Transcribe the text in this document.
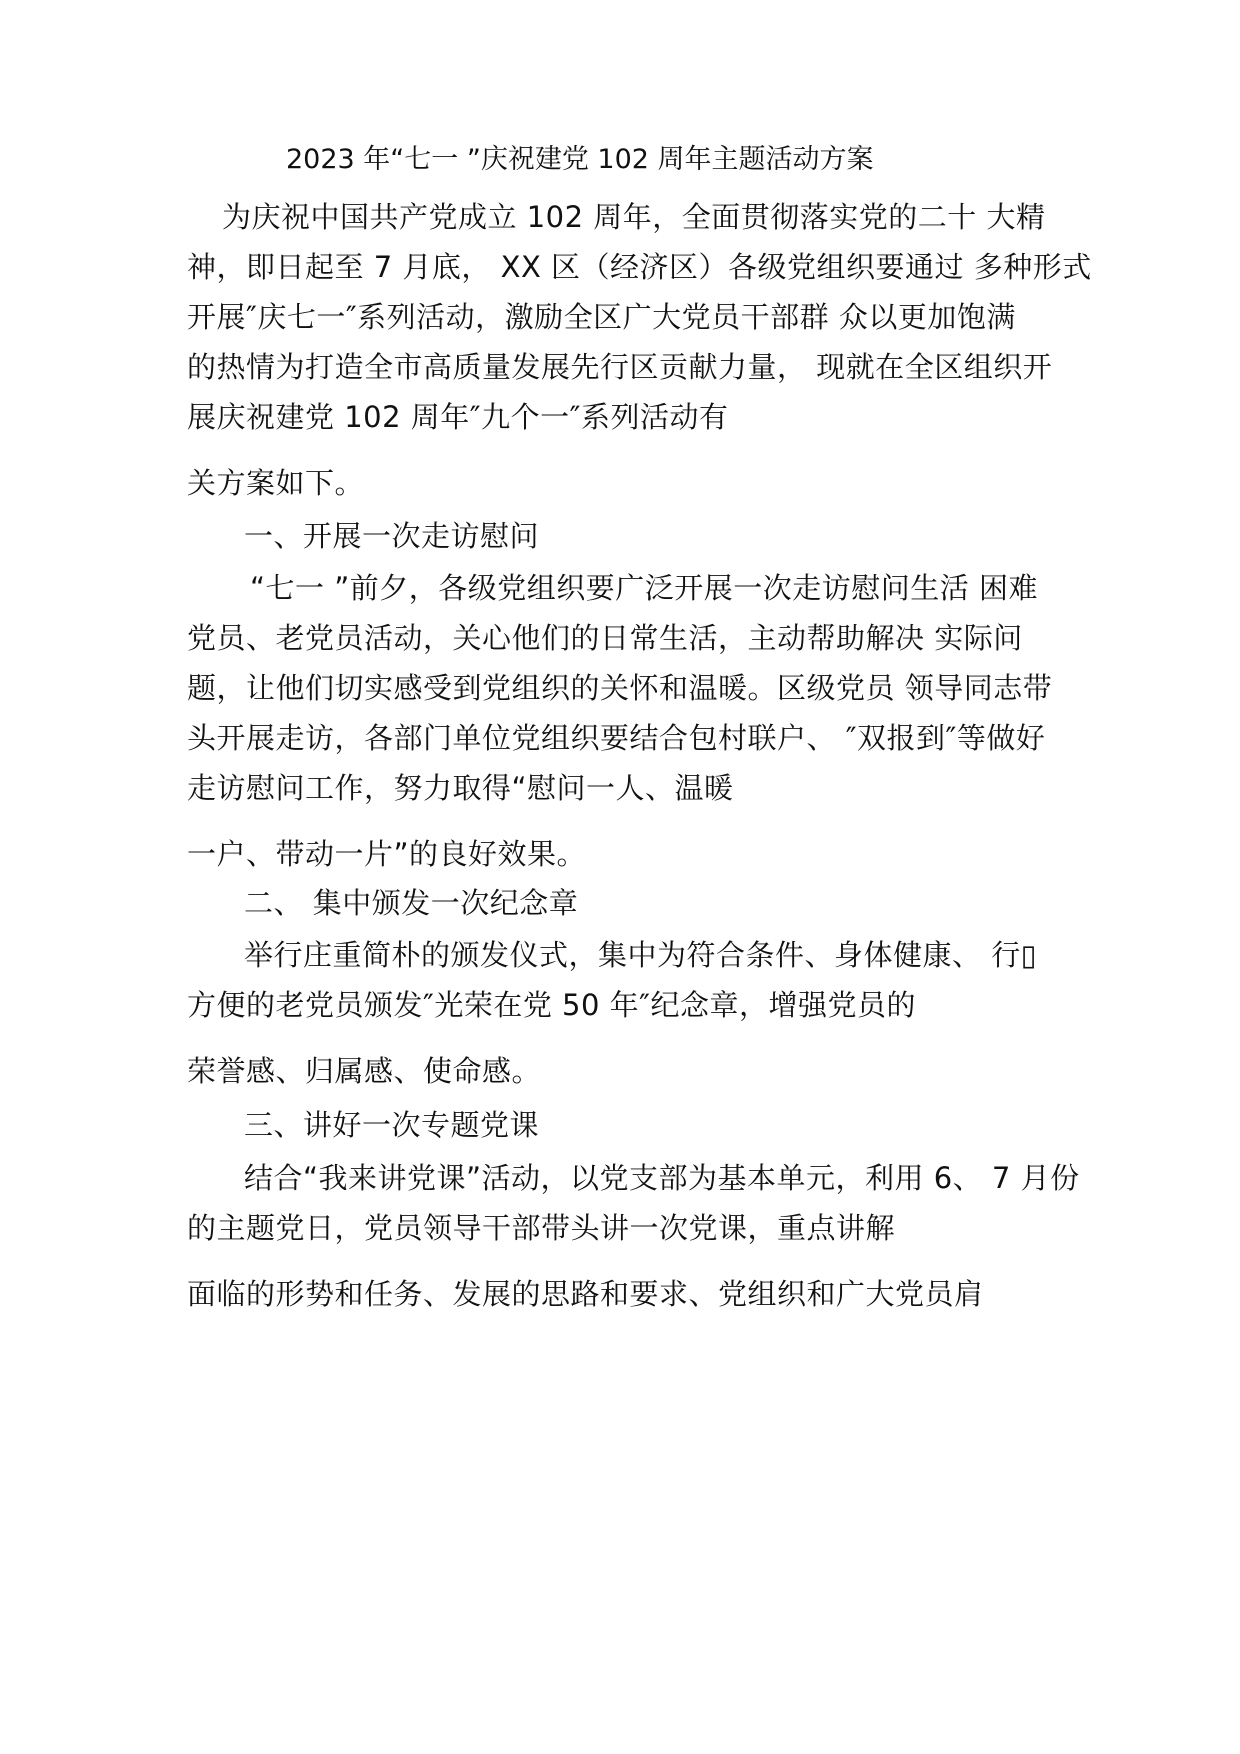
2023 年“七一 ”庆祝建党 102 周年主题活动方案
为庆祝中国共产党成立 102 周年，全面贯彻落实党的二十 大精
神，即日起至 7 月底， XX 区（经济区）各级党组织要通过 多种形式
开展″庆七一″系列活动，激励全区广大党员干部群 众以更加饱满
的热情为打造全市高质量发展先行区贡献力量， 现就在全区组织开
展庆祝建党 102 周年″九个一″系列活动有
关方案如下。
一、开展一次走访慰问
“七一 ”前夕，各级党组织要广泛开展一次走访慰问生活 困难
党员、老党员活动，关心他们的日常生活，主动帮助解决 实际问
题，让他们切实感受到党组织的关怀和温暖。区级党员 领导同志带
头开展走访，各部门单位党组织要结合包村联户、 ″双报到″等做好
走访慰问工作，努力取得“慰问一人、温暖
一户、带动一片”的良好效果。
二、 集中颁发一次纪念章
举行庄重简朴的颁发仪式，集中为符合条件、身体健康、 行▯
方便的老党员颁发″光荣在党 50 年″纪念章，增强党员的
荣誉感、归属感、使命感。
三、讲好一次专题党课
结合“我来讲党课”活动，以党支部为基本单元，利用 6、 7 月份
的主题党日，党员领导干部带头讲一次党课，重点讲解
面临的形势和任务、发展的思路和要求、党组织和广大党员肩
